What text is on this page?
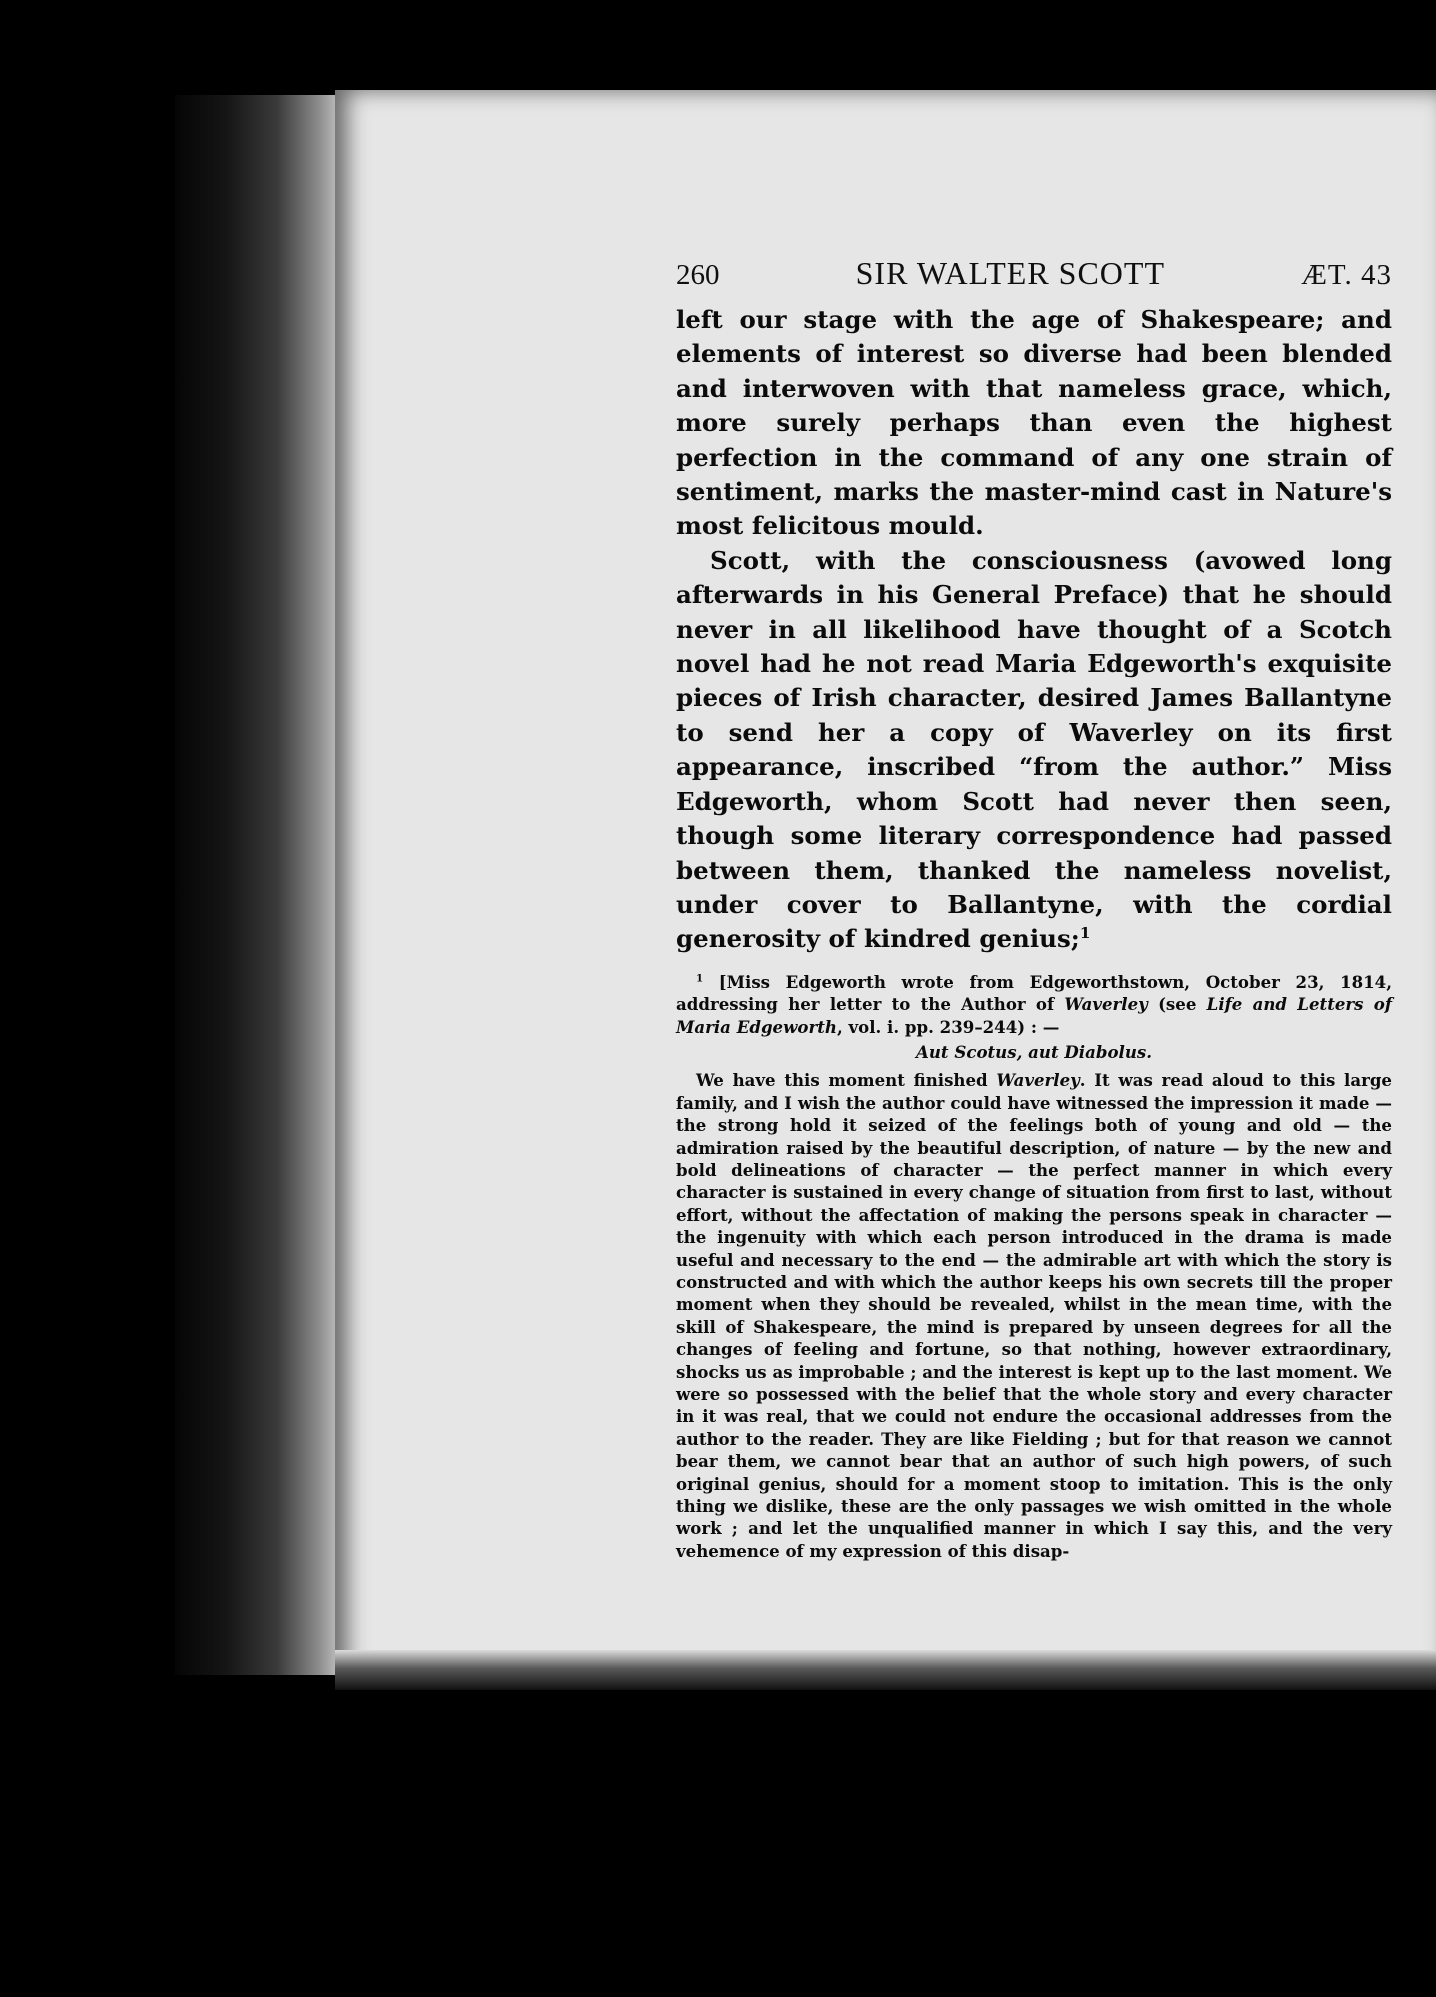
260	SIR WALTER SCOTT	ÆT. 43

left our stage with the age of Shakespeare; and elements of interest so diverse had been blended and interwoven with that nameless grace, which, more surely perhaps than even the highest perfection in the command of any one strain of sentiment, marks the master-mind cast in Nature's most felicitous mould.

Scott, with the consciousness (avowed long afterwards in his General Preface) that he should never in all likelihood have thought of a Scotch novel had he not read Maria Edgeworth's exquisite pieces of Irish character, desired James Ballantyne to send her a copy of Waverley on its first appearance, inscribed “from the author.” Miss Edgeworth, whom Scott had never then seen, though some literary correspondence had passed between them, thanked the nameless novelist, under cover to Ballantyne, with the cordial generosity of kindred genius;$^1$

$^1$ [Miss Edgeworth wrote from Edgeworthstown, October 23, 1814, addressing her letter to the Author of Waverley (see Life and Letters of Maria Edgeworth, vol. i. pp. 239–244) : —

Aut Scotus, aut Diabolus.

We have this moment finished Waverley. It was read aloud to this large family, and I wish the author could have witnessed the impression it made — the strong hold it seized of the feelings both of young and old — the admiration raised by the beautiful description, of nature — by the new and bold delineations of character — the perfect manner in which every character is sustained in every change of situation from first to last, without effort, without the affectation of making the persons speak in character — the ingenuity with which each person introduced in the drama is made useful and necessary to the end — the admirable art with which the story is constructed and with which the author keeps his own secrets till the proper moment when they should be revealed, whilst in the mean time, with the skill of Shakespeare, the mind is prepared by unseen degrees for all the changes of feeling and fortune, so that nothing, however extraordinary, shocks us as improbable ; and the interest is kept up to the last moment. We were so possessed with the belief that the whole story and every character in it was real, that we could not endure the occasional addresses from the author to the reader. They are like Fielding ; but for that reason we cannot bear them, we cannot bear that an author of such high powers, of such original genius, should for a moment stoop to imitation. This is the only thing we dislike, these are the only passages we wish omitted in the whole work ; and let the unqualified manner in which I say this, and the very vehemence of my expression of this disap-
